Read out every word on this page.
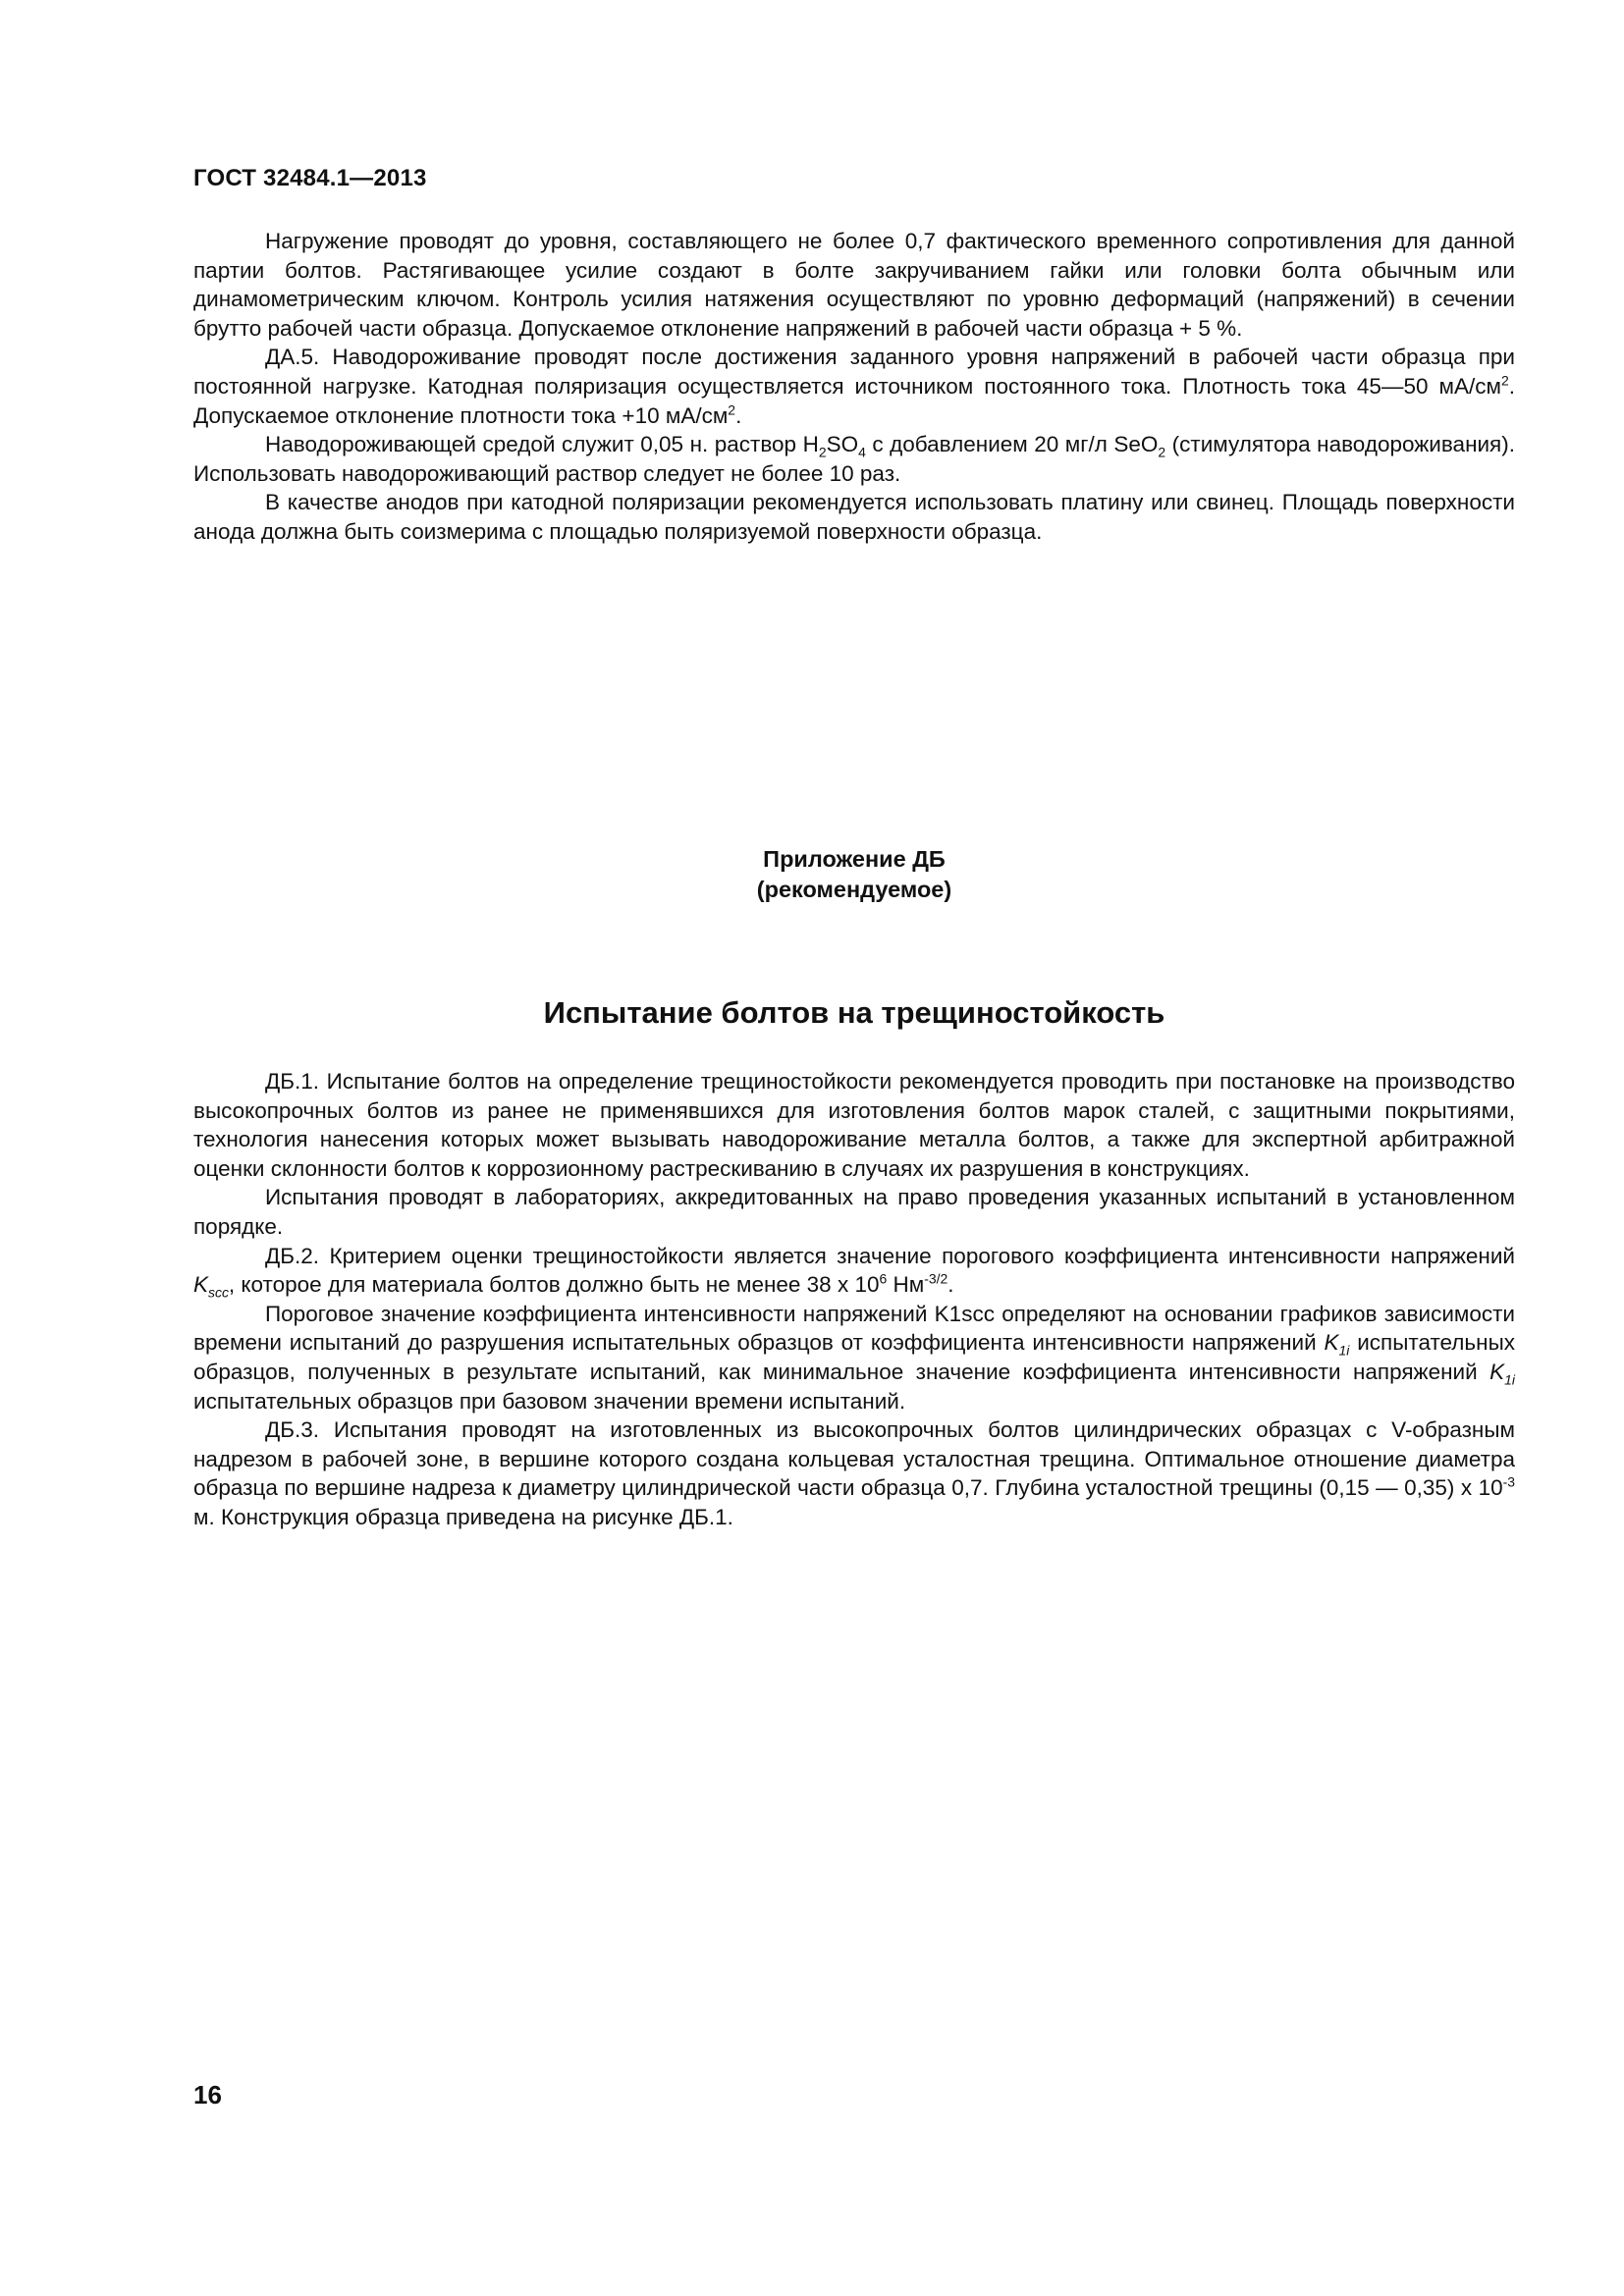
ГОСТ 32484.1—2013

Нагружение проводят до уровня, составляющего не более 0,7 фактического временного сопротивления для данной партии болтов. Растягивающее усилие создают в болте закручиванием гайки или головки болта обычным или динамометрическим ключом. Контроль усилия натяжения осуществляют по уровню деформаций (напряжений) в сечении брутто рабочей части образца. Допускаемое отклонение напряжений в рабочей части образца + 5 %.

ДА.5. Наводороживание проводят после достижения заданного уровня напряжений в рабочей части образца при постоянной нагрузке. Катодная поляризация осуществляется источником постоянного тока. Плотность тока 45—50 $мА/см^2$. Допускаемое отклонение плотности тока +10 $мА/см^2$.

Наводороживающей средой служит 0,05 н. раствор $H_2SO_4$ с добавлением 20 мг/л SeO$_2$ (стимулятора наводороживания). Использовать наводороживающий раствор следует не более 10 раз.

В качестве анодов при катодной поляризации рекомендуется использовать платину или свинец. Площадь поверхности анода должна быть соизмерима с площадью поляризуемой поверхности образца.

Приложение ДБ
(рекомендуемое)
Испытание болтов на трещиностойкость

ДБ.1. Испытание болтов на определение трещиностойкости рекомендуется проводить при постановке на производство высокопрочных болтов из ранее не применявшихся для изготовления болтов марок сталей, с защитными покрытиями, технология нанесения которых может вызывать наводороживание металла болтов, а также для экспертной арбитражной оценки склонности болтов к коррозионному растрескиванию в случаях их разрушения в конструкциях.

Испытания проводят в лабораториях, аккредитованных на право проведения указанных испытаний в установленном порядке.

ДБ.2. Критерием оценки трещиностойкости является значение порогового коэффициента интенсивности напряжений $K_{scc}$, которое для материала болтов должно быть не менее 38 x $10^6$ $Нм^{-3/2}$.

Пороговое значение коэффициента интенсивности напряжений K1scc определяют на основании графиков зависимости времени испытаний до разрушения испытательных образцов от коэффициента интенсивности напряжений $K_{1i}$ испытательных образцов, полученных в результате испытаний, как минимальное значение коэффициента интенсивности напряжений $K_{1i}$ испытательных образцов при базовом значении времени испытаний.

ДБ.3. Испытания проводят на изготовленных из высокопрочных болтов цилиндрических образцах с V-образным надрезом в рабочей зоне, в вершине которого создана кольцевая усталостная трещина. Оптимальное отношение диаметра образца по вершине надреза к диаметру цилиндрической части образца 0,7. Глубина усталостной трещины (0,15 — 0,35) x $10^{-3}$ м. Конструкция образца приведена на рисунке ДБ.1.

16
